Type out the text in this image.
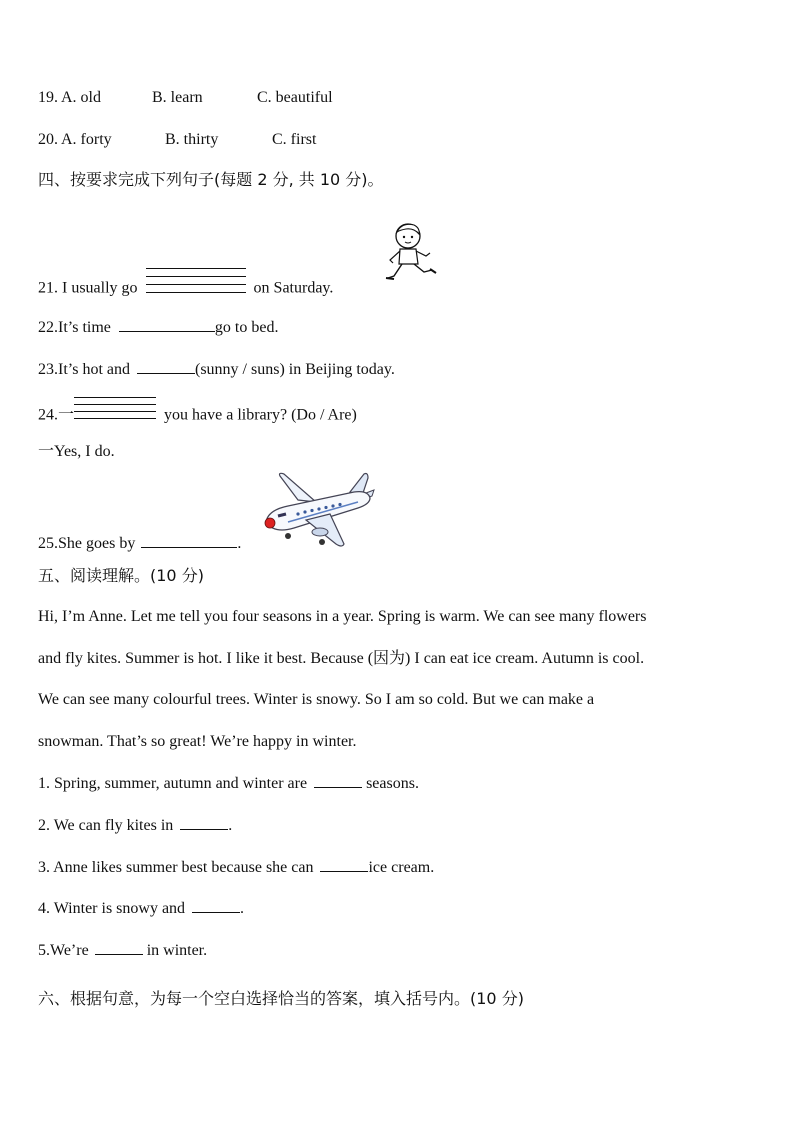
19. A. old	B. learn	C. beautiful
20. A. forty	B. thirty	C. first
四、按要求完成下列句子(每题 2 分, 共 10 分)。
21. I usually go	on Saturday.
22.It’s time	go to bed.
23.It’s hot and	(sunny / suns) in Beijing today.
24.一	you have a library? (Do / Are)
一Yes, I do.
25.She goes by	.
五、阅读理解。(10 分)
Hi, I’m Anne. Let me tell you four seasons in a year. Spring is warm. We can see many flowers
and fly kites. Summer is hot. I like it best. Because (因为) I can eat ice cream. Autumn is cool.
We can see many colourful trees. Winter is snowy. So I am so cold. But we can make a
snowman. That’s so great! We’re happy in winter.
1. Spring, summer, autumn and winter are	seasons.
2. We can fly kites in	.
3. Anne likes summer best because she can	ice cream.
4. Winter is snowy and	.
5.We’re	in winter.
六、根据句意，为每一个空白选择恰当的答案，填入括号内。(10 分)
